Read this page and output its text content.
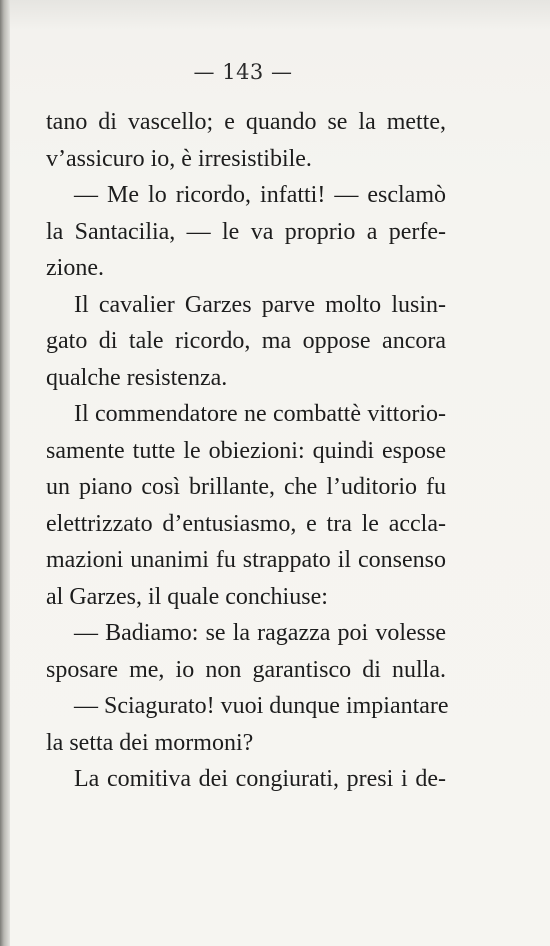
— 143 —
tano di vascello; e quando se la mette,
v’assicuro io, è irresistibile.
— Me lo ricordo, infatti! — esclamò
la Santacilia, — le va proprio a perfe-
zione.
Il cavalier Garzes parve molto lusin-
gato di tale ricordo, ma oppose ancora
qualche resistenza.
Il commendatore ne combattè vittorio-
samente tutte le obiezioni: quindi espose
un piano così brillante, che l’uditorio fu
elettrizzato d’entusiasmo, e tra le accla-
mazioni unanimi fu strappato il consenso
al Garzes, il quale conchiuse:
— Badiamo: se la ragazza poi volesse
sposare me, io non garantisco di nulla.
— Sciagurato! vuoi dunque impiantare
la setta dei mormoni?
La comitiva dei congiurati, presi i de-
